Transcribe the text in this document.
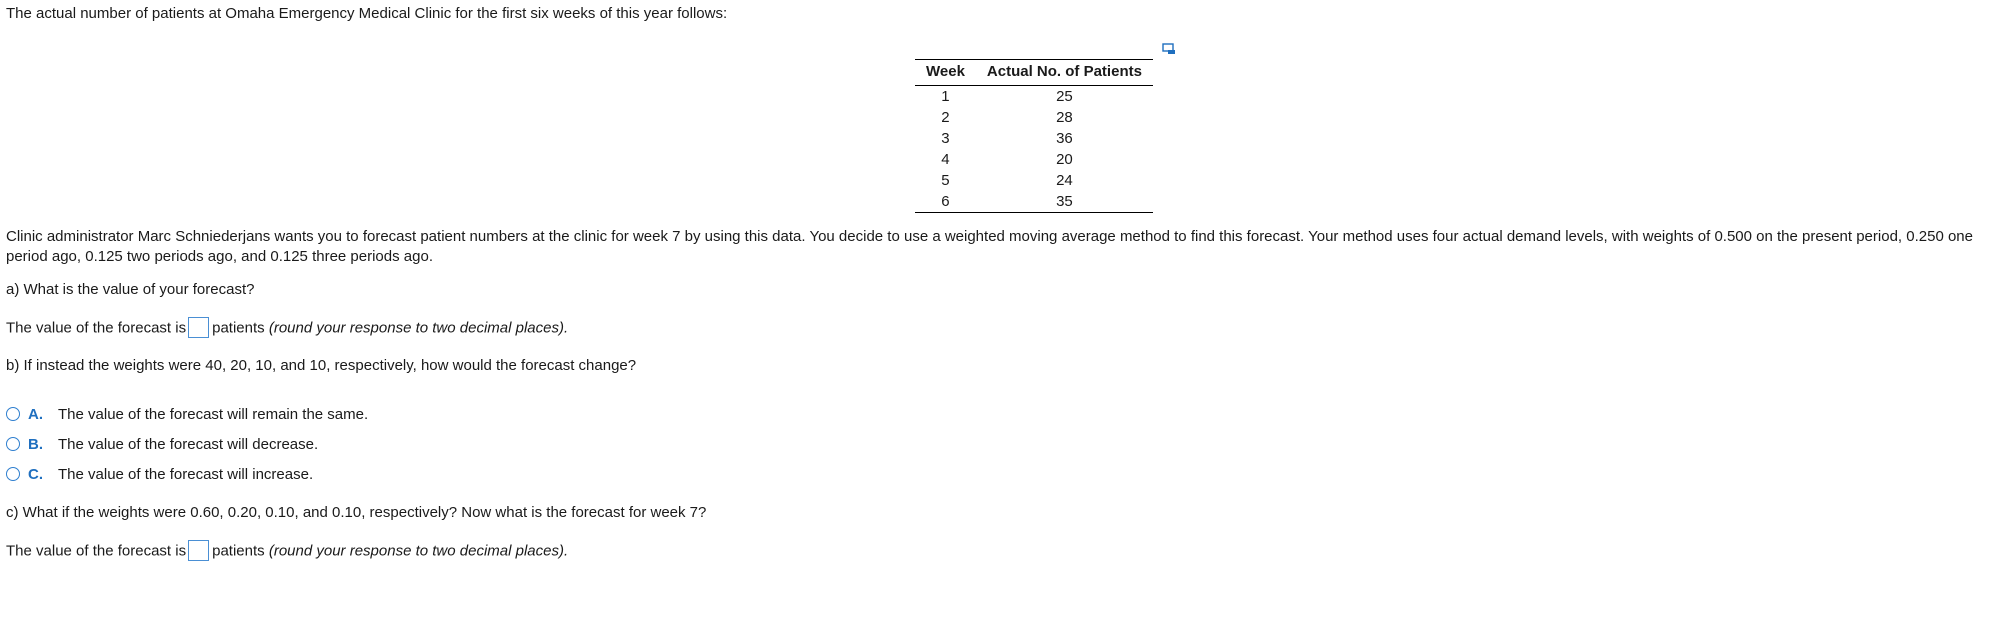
The actual number of patients at Omaha Emergency Medical Clinic for the first six weeks of this year follows:

Week	Actual No. of Patients
1	25
2	28
3	36
4	20
5	24
6	35

Clinic administrator Marc Schniederjans wants you to forecast patient numbers at the clinic for week 7 by using this data. You decide to use a weighted moving average method to find this forecast. Your method uses four actual demand levels, with weights of 0.500 on the present period, 0.250 one period ago, 0.125 two periods ago, and 0.125 three periods ago.

a) What is the value of your forecast?

The value of the forecast is patients (round your response to two decimal places).

b) If instead the weights were 40, 20, 10, and 10, respectively, how would the forecast change?

A.	The value of the forecast will remain the same.
B.	The value of the forecast will decrease.
C.	The value of the forecast will increase.

c) What if the weights were 0.60, 0.20, 0.10, and 0.10, respectively? Now what is the forecast for week 7?

The value of the forecast is patients (round your response to two decimal places).
